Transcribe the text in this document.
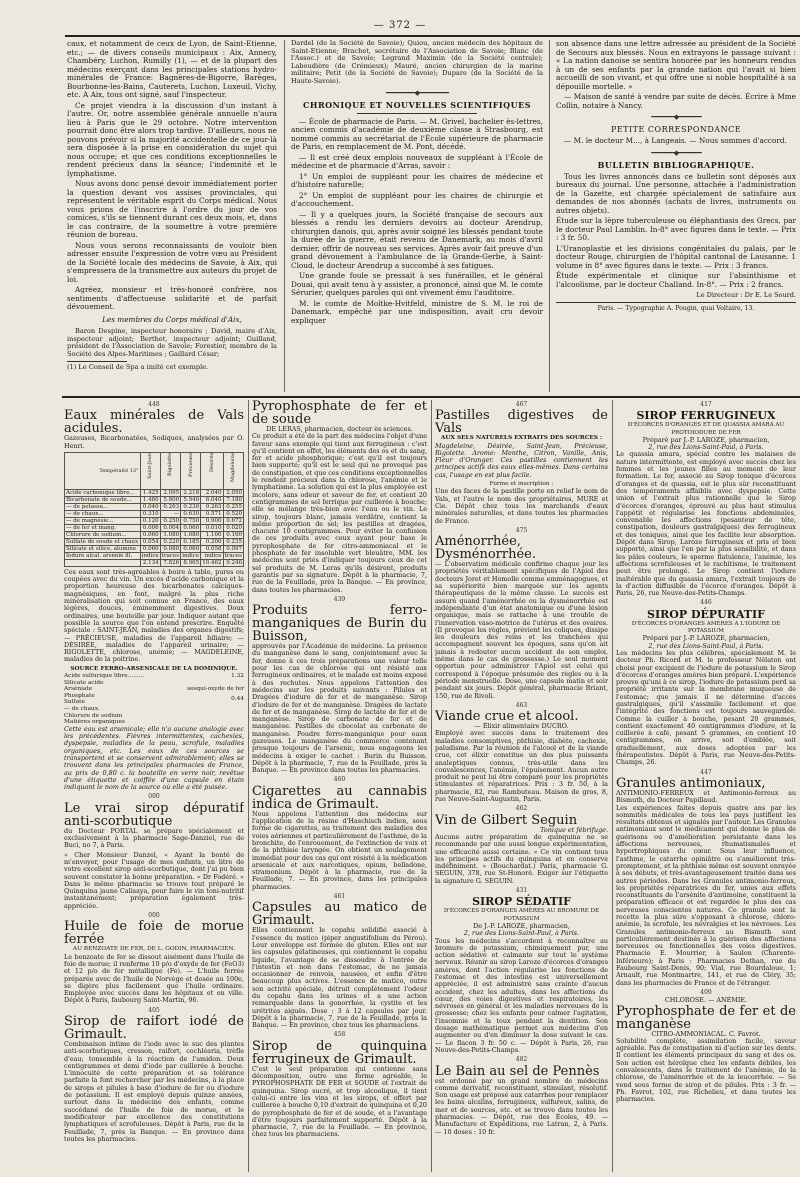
— 372 —

caux, et notamment de ceux de Lyon, de Saint-Etienne, etc.; — de divers conseils municipaux : Aix, Annecy, Chambéry, Luchon, Rumilly (1), — et de la plupart des médecins exerçant dans les principales stations hydro-minérales de France: Bagnères-de-Bigorre, Barèges, Bourbonne-les-Bains, Cauterets, Luchon, Luxeuil, Vichy, etc. A Aix, tous ont signé, sauf l'inspecteur.

Ce projet viendra à la discussion d'un instant à l'autre. Or, notre assemblée générale annuelle n'aura lieu à Paris que le 29 octobre. Notre intervention pourrait donc être alors trop tardive. D'ailleurs, nous ne pouvons prévoir si la majorité accidentelle de ce jour-là sera disposée à la prise en considération du sujet qui nous occupe; et que ces conditions exceptionnelles le rendent précieux dans la séance; l'indemnité et le lymphatisme.

Nous avons donc pensé devoir immédiatement porter la question devant vos assises provinciales, qui représentent le véritable esprit du Corps médical. Nous vous prions de l'inscrire à l'ordre du jour de vos comices, s'ils se tiennent durant ces deux mois, et, dans le cas contraire, de la soumettre à votre première réunion de bureau.

Nous vous serons reconnaissants de vouloir bien adresser ensuite l'expression de votre vœu au Président de la Société locale des médecins de Savoie, à Aix, qui s'empressera de la transmettre aux auteurs du projet de loi.

Agréez, monsieur et très-honoré confrère, nos sentiments d'affectueuse solidarité et de parfait dévouement.

Les membres du Corps médical d'Aix,

Baron Despine, inspecteur honoraire ; David, maire d'Aix, inspecteur adjoint; Berthet, inspecteur adjoint; Guilland, président de l'Association de Savoie; Forestier, membre de la Société des Alpes-Maritimes ; Gaillard César;

(1) Le Conseil de Spa a imité cet exemple.

Dardel (de la Société de Savoie); Quiou, ancien médecin des hôpitaux de Saint-Etienne; Brachet, secrétaire de l'Association de Savoie; Blanc (de l'Assoc.) et de Savoie; Legrand Maximin (de la Société centrale); Laboudière (de Crémieux); Mauré, ancien chirurgien de la marine militaire; Petit (de la Société de Savoie); Dupare (de la Société de la Haute-Savoie).

━━━━━━━━━◆━━━━━━━━━
CHRONIQUE ET NOUVELLES SCIENTIFIQUES

— École de pharmacie de Paris. — M. Grivel, bachelier ès-lettres, ancien commis d'académie de deuxième classe à Strasbourg, est nommé commis au secrétariat de l'École supérieure de pharmacie de Paris, en remplacement de M. Pont, décédé.

— Il est créé deux emplois nouveaux de suppléant à l'École de médecine et de pharmacie d'Arras, savoir :

1° Un emploi de suppléant pour les chaires de médecine et d'histoire naturelle;

2° Un emploi de suppléant pour les chaires de chirurgie et d'accouchement.

— Il y a quelques jours, la Société française de secours aux blessés a rendu les derniers devoirs au docteur Arendrup, chirurgien danois, qui, après avoir soigné les blessés pendant toute la durée de la guerre, était revenu de Danemark, au mois d'avril dernier, offrir de nouveau ses services. Après avoir fait preuve d'un grand dévouement à l'ambulance de la Grande-Gerbe, à Saint-Cloud, le docteur Arendrup a succombé à ses fatigues.

Une grande foule se pressait à ses funérailles, et le général Douai, qui avait tenu à y assister, a prononcé, ainsi que M. le comte Sérurier, quelques paroles qui ont vivement ému l'auditoire.

M. le comte de Moltke-Hvitfeld, ministre de S. M. le roi de Danemark, empêché par une indisposition, avait cru devoir expliquer

son absence dans une lettre adressée au président de la Société de Secours aux blessés. Nous en extrayons le passage suivant : « La nation danoise se sentira honorée par les honneurs rendus à un de ses enfants par la grande nation qui l'avait si bien accueilli de son vivant, et qui offre une si noble hospitalité à sa dépouille mortelle. »

— Maison de santé à vendre par suite de décès. Écrire à Mme Collin, notaire à Nancy.

━━━━━━━◆━━━━━━━
PETITE CORRESPONDANCE

— M. le docteur M..., à Langeais. — Nous sommes d'accord.

━━━━━━━◆━━━━━━━
BULLETIN BIBLIOGRAPHIQUE.

Tous les livres annoncés dans ce bulletin sont déposés aux bureaux du journal. Une personne, attachée à l'administration de la Gazette, est chargée spécialement de satisfaire aux demandes de nos abonnés (achats de livres, instruments ou autres objets).

Étude sur la lèpre tuberculeuse ou éléphantiasis des Grecs, par le docteur Paul Lamblin. In-8° avec figures dans le texte. — Prix : 3 fr. 50.

L'Uranoplastie et les divisions congénitales du palais, par le docteur Rouge, chirurgien de l'hôpital cantonal de Lausanne. 1 volume in 8° avec figures dans le texte. — Prix : 3 francs.

Étude expérimentale et clinique sur l'absinthisme et l'alcoolisme, par le docteur Challand. In-8°. — Prix : 2 francs.

Le Directeur : Dr E. Le Sourd.
Paris. — Typographie A. Pougin, quai Voltaire, 13.
448
Eaux minérales de Vals acidules.

Gazeuses, Bicarbonatées, Sodiques, analysées par O. Henri.

Tempéraité 13°	Saint-Jean	Rigolette	Précieuse	Désirée	Magdeleine
Acide carbonique libre...	1.425	2.095	2.218	2.040	2.050
Bicarbonate de soude...	1.480	5.800	5.940	6.040	7.180
— de potasse...	0.040	0.263	0.230	0.263	0.255
— de chaux...	0.310	—	0.630	0.571	0.520
— de magnésie...	0.120	0.250	0.750	0.900	0.672
— de fer et mang.	0.006	0.004	0.060	0.010	0.020
Chlorure de sodium...	0.060	1.080	1.080	1.100	0.160
Sulfate de soude et chaux	0.054	0.220	0.185	0.200	0.235
Silicate et silice, alumine	0.060	0.080	0.060	0.058	0.097
Iodure alcal. arsénié ill.	indice	traces	indice	indice	traces
	2.134	7.826	8.965	10.462	9.246

Ces eaux sont très-agréables à boire à table, pures ou coupées avec du vin. Un excès d'acide carbonique et la proportion heureuse des bicarbonates calciques-magnésiques, en font, malgré la plus riche minéralisation qui soit connue en France, des eaux légères, douces, éminemment digestives. Doux ordinaires, une bouteille par jour. Indiquer autant que possible la source que l'on entend prescrire. Enquêté spéciale : SAINT-JEAN, maladies des organes digestifs; — PRÉCIEUSE, maladies de l'appareil biliaire; — DÉSIRÉE, maladies de l'appareil urinaire; — RIGOLETTE, chlorose, anémie; — MAGDELEINE, maladies de la poitrine.

SOURCE FERRO-ARSENICALE DE LA DOMINIQUE.
Acide sulfurique libre.........
Silicate acide
Arséniate
Phosphate
Sulfate
— de chaux.
Chlorure de sodium
Matières organiques
1.32
sesqui-oxyde de fer
0.44

Cette eau est arsenicale; elle n'a aucune analogie avec les précédentes. Fièvres intermittentes, cachexies, dyspepsie, maladies de la peau, scrofule, maladies organiques, etc. Les eaux de ces sources se transportent et se conservent admirablement; elles se trouvent dans les principales pharmacies de France, au prix de 0,80 c. la bouteille en verre noir, revêtue d'une étiquette et coiffée d'une capsule en étain indiquant le nom de la source où elle a été puisée.

000
Le vrai sirop dépuratif anti-scorbutique

du Docteur PORTAL se prépare spécialement et exclusivement à la pharmacie Sage-Danziel, rue de Buci, no 7, à Paris.

« Cher Monsieur Danzel, « Ayant la bonté de m'envoyer, pour l'usage de mes enfants, un litre de votre excellent sirop anti-scorbutique, dont j'ai pu bien souvent constater la bonne préparation. « Dr Fodéré. » Dans le même pharmacie se trouve tout préparé le Quinquina jaune Calisaya, pour faire le vin toni-nutritif instantanément; préparation également très-appréciée.

000
Huile de foie de morue ferrée
AU BENZOATE DE FER, DE L. GODIN, PHARMACIEN.

Le benzoate de fer se dissout aisément dans l'huile de foie de morue; il renferme 10 p/o d'oxyde de fer (FeO3) et 12 p/o de fer métallique (Fe). — L'huile ferrée préparée avec de l'huile de Norvège et dosée au 100e, se digère plus facilement que l'huile ordinaire. Employée avec succès dans les hôpitaux et en ville. Dépôt à Paris, faubourg Saint-Martin, 96.

405
Sirop de raifort iodé de Grimault.

Combinaison intime de l'iode avec le suc des plantes anti-scorbutiques, cresson, raifort, cochléaria, trèfle d'eau; tonsemble à la réaction de l'amidon. Deux centigrammes et demi d'iode par cuillerée à bouche. L'innocuité de cette préparation et sa tolérance parfaite la font rechercher par les médecins, à la place de sirops et pilules à base d'iodure de fer ou d'iodure de potassium. Il est employé depuis quinze années, surtout dans la médecine des enfants, comme succédané de l'huile de foie de morue, et le modificateur par excellence des constitutions lymphatiques et scrofuleuses. Dépôt à Paris, rue de la Feuillade, 7, près la Banque. — En province dans toutes les pharmacies.

Pyrophosphate de fer et de soude
DE LERAS, pharmacien, docteur ès sciences.

Ce produit a été de la part des médecins l'objet d'une faveur sans exemple qui tient aux ferrugineux : c'est qu'il contient en effet, les éléments des os et du sang, fer et acide phosphorique; c'est qu'il est toujours bien supporté; qu'il est le seul qui ne provoque pas de constipation, et que ces conditions exceptionnelles le rendent précieux dans la chlorose, l'anémie et le lymphatisme. La solution qui est la plus employée est incolore, sans odeur et saveur de fer, et contient 20 centigrammes de sel ferrique par cuillerée à bouche; elle se mélange très-bien avec l'eau ou le vin. Le sirop, toujours blanc, jamais verdâtre, contient la même proportion de sel; les pastilles et dragées, chacune 10 centigrammes. Pour éviter la confusion de ces produits avec ceux ayant pour base le pyrophosphate de fer citro-ammoniacal et le phosphate de fer insoluble vert bleuâtre, MM. les médecins sont priés d'indiquer toujours ceux de cet sel produits de M. Leras qu'ils désirent, produits garantis par sa signature. Dépôt à la pharmacie, 7, rue de la Feuillade, près la Banque. — En province, dans toutes les pharmacies.

439
Produits ferro-manganiques de Burin du Buisson,

approuvés par l'Académie de médecine. La présence du manganèse dans le sang, conjointement avec le fer, donne à ces trois préparations une valeur telle pour les cas de chlorose qui ont résisté aux ferrugineux ordinaires, et le malade est moins exposé à des rechutes. Nous appelons l'attention des médecins sur les produits suivants : Pilules et Dragées d'iodure de fer et de manganèse. Sirop d'iodure de fer et de manganèse. Dragées de lactate de fer et de manganèse. Sirop de lactate de fer et de manganèse. Sirop de carbonate de fer et de manganèse. Pastilles de chocolat au carbonate de manganèse. Poudre ferro-manganique pour eaux gazeuses. Le manganèse du commerce contenant presque toujours de l'arsenic, nous engageons les médecins à exiger le cachet : Burin du Buisson. Dépôt à la pharmacie, 7, rue de la Feuillade, près la Banque. — En province dans toutes les pharmacies.

460
Cigarettes au cannabis indica de Grimault.

Nous appelons l'attention des médecins sur l'application de la résine d'Haschisch indien, sous forme de cigarettes, au traitement des maladies des voies aériennes et particulièrement de l'asthme, de la bronchite, de l'enrouement, de l'extinction de voix et de la phthisie laryngée. On obtient un soulagement immédiat pour des cas qui ont résisté à la médication arsenicale et aux narcotiques, opium, belladone, stramonium. Dépôt à la pharmacie, rue de la Feuillade, 7. — En province, dans les principales pharmacies.

461
Capsules au matico de Grimault.

Elles contiennent le copahu solidifié associé à l'essence du matico (piper angustifolium du Pérou). Leur enveloppe est formée de gluten. Elles ont sur les capsules gélatineuses, qui contiennent le copahu liquide, l'avantage de se dissoudre à l'entrée de l'intestin et non dans l'estomac, de ne jamais occasionner de renvois, nausées, et enfin d'être beaucoup plus actives. L'essence de matico, outre son activité spéciale, détruit complètement l'odeur du copahu dans les urines et a une action remarquable dans la gonorrhée, la cystite et les urétrites aiguës. Dose : 3 à 12 capsules par jour. Dépôt à la pharmacie, 7, rue de la Feuillade, près la Banque. — En province, chez tous les pharmaciens.

458
Sirop de quinquina ferrugineux de Grimault.

C'est le seul préparation qui contienne sans décomposition, outre une forme agréable, le PYROPHOSPHATE DE FER et SOUDE et l'extrait de quinquina. Sirop sucré, et trop alcoolique, il tient celui-ci entre les vins et les sirops, et offert par cuillerée à bouche 0,10 d'extrait de quinquina et 0,20 de pyrophosphate de fer et de soude, et a l'avantage d'être toujours parfaitement supporté. Dépôt à la pharmacie, 7, rue de la Feuillade. — En province, chez tous les pharmaciens.

467
Pastilles digestives de Vals
AUX SELS NATURELS EXTRAITS DES SOURCES :

Magdeleine, Désirée, Saint-Jean, Précieuse, Rigolette. Arome: Menthe, Citron, Vanille, Anis, Fleur d'Oranger. Ces pastilles contiennent les principes actifs des eaux elles-mêmes. Dans certains cas, l'usage en est plus facile.

Forme et inscription :

Une des faces de la pastille porte en relief le nom de Vals, et l'autre le nom des propriétaires, MURE et Cie. Dépôt chez tous les marchands d'eaux minérales naturelles, et dans toutes les pharmacies de France.

475
Aménorrhée, Dysménorrhée.

— L'observation médicale confirme chaque jour les propriétés véritablement spécifiques de l'Apiol des docteurs Joret et Homolle comme emménagogues, et sa supériorité bien marquée sur les agents thérapeutiques de la même classe. Le succès est assuré quand l'aménorrhée ou la dysménorrhée est indépendante d'un état anatomique ou d'une lésion organique, mais se rattache à une trouble de l'innervation vaso-motrice de l'utérus et des ovaires. (Il provoque les règles, prévient les coliques, dissipe les douleurs des reins et les tranchées qui accompagnent souvent les époques, sans qu'on ait jamais à redouter aucun accident de son emploi, même dans le cas de grossesse.) Le seul moment opportun pour administrer l'Apiol est celui qui correspond à l'époque présumée des règles ou à la période menstruelle. Dose, une capsule matin et soir pendant six jours. Dépôt général, pharmacie Briant, 150, rue de Rivoli.

463
Viande crue et alcool.
— Élixir alimentaire DUCRO.

Employé avec succès dans le traitement des maladies consomptives, phthisie, diabète, cachexie, paludisme. Par la réunion de l'alcool et de la viande crue, cet élixir constitue un des plus puissants analeptiques connus, très-utile dans les convalescences, l'anémie, l'épuisement. Aucun autre produit ne peut lui être comparé pour les propriétés stimulantes et réparatrices. Prix : 3 fr. 50, à la pharmacie, 82, rue Rambuteau. Maison de gros, 8, rue Neuve-Saint-Augustin, Paris.

462
Vin de Gilbert Seguin
Tonique et fébrifuge.

Aucune autre préparation de quinquina ne se recommande par une aussi longue expérimentation, une efficacité aussi certaine. « Ce vin contient tous les principes actifs du quinquina et en conserve indéfiniment. » (Bouchardat.) Paris, pharmacie G. SEGUIN, 378, rue St-Honoré. Exiger sur l'étiquette la signature G. SEGUIN.

431
SIROP SÉDATIF
D'ÉCORCES D'ORANGES AMÈRES AU BROMURE DE POTASSIUM
De J.-P. LAROZE, pharmacien,
2, rue des Lions-Saint-Paul, à Paris.

Tous les médecins s'accordent à reconnaître au bromure de potassium, chimiquement pur, une action sédative et calmante sur tout le système nerveux. Réunir au sirop Laroze d'écorces d'oranges amères, dont l'action régularise les fonctions de l'estomac et des intestins est universellement appréciée, il est administré sans crainte d'aucun accident, chez les adultes, dans les affections du cœur, des voies digestives et respiratoires, les névroses en général et les maladies nerveuses de la grossesse; chez les enfants pour calmer l'agitation, l'insomnie et la toux pendant la dentition. Son dosage mathématique permet aux médecins d'en augmenter ou d'en diminuer la dose suivant le cas. — Le flacon 3 fr. 50 c. — Dépôt à Paris, 26, rue Neuve-des-Petits-Champs.

482
Le Bain au sel de Pennès

est ordonné par un grand nombre de médecins comme dérivatif, reconstituant, stimulant, résolutif. Son usage est préposé aux catarrhes pour remplacer les bains alcalins, ferrugineux, sulfureux, salins, de mer et de sources, etc. et se trouve dans toutes les pharmacies. — Dépôt, rue des Écoles, 49. — Manufacture et Expéditions, rue Latran, 2, à Paris. — 10 doses : 10 fr.

417
SIROP FERRUGINEUX
D'ÉCORCES D'ORANGES ET DE QUASSIA AMARA AU PROTOIODURE DE FER
Préparé par J.-P. LAROZE, pharmacien,
2, rue des Lions-Saint-Paul, à Paris.

Le quassia amara, spécial contre les malaises de nature intermittente, est employé avec succès chez les femmes et les jeunes filles au moment de leur formation. Le fer, associé au Sirop tonique d'écorces d'oranges et de quassia, est le plus sûr reconstituant des tempéraments affaiblis avec dyspepsie. Cette union et l'extrait plus rationnelle que le Sirop d'écorces d'oranges, éprouvé au plus haut stimulus l'appétit et régularise les fonctions abdominales, convenable les affections (pesanteur de tête, constipation, douleurs gastralgiques) des ferrugineux et des toniques, ainsi que les facilite leur absorption. Dépôt dans Sirop, Laroze ferrugineux et pris et bien supporté, ainsi que l'en par la plus sensibilité, et dans les pâles couleurs, le sperme flatulence, l'anémie, les affections scrofuleuses et le rachitisme, le traitement peut être prolongé. Le Sirop contient l'iodure inaltérable que du quassia amara, l'extrait toujours de la d'action diffusible de l'écorce d'oranges. Dépôt à Paris, 26, rue Neuve-des-Petits-Champs.

446
SIROP DÉPURATIF
D'ÉCORCES D'ORANGES AMÈRES A L'IODURE DE POTASSIUM
Préparé par J.-P. LAROZE, pharmacien,
2, rue des Lions-Saint-Paul, à Paris.

Les médecins les plus célèbres, spécialement M. le docteur Ph. Ricord et M. le professeur Nélaton ont choisi pour excipient de l'iodure de potassium le Sirop d'écorces d'oranges amères bien préparé. L'expérience prouve qu'uni à ce sirop, l'iodure de potassium perd sa propriété irritante sur la membrane muqueuse de l'estomac; que jamais il ne détermine d'accès gastralgiques, qu'il s'assimile facilement et que l'intégrité des fonctions est toujours sauvegardée. Comme la cuiller à bouche, pesant 20 grammes, contient exactement 40 centigrammes d'iodure, et la cuillerée à café, pesant 5 grammes, en contient 10 centigrammes, on arrive, soit d'emblée, soit graduellement, aux doses adoptées par les thérapeutistes. Dépôt à Paris, rue Neuve-des-Petits-Champs, 26.

447
Granules antimoniaux,
ANTIMONIO-FERREUX et Antimonio-ferreux au Bismuth, du Docteur Papillaud.

Les expériences faites depuis quatre ans par les sommités médicales de tous les pays justifient les résultats obtenus et signalés par l'auteur. Les Granules antimoniaux sont le médicament qui donne le plus de guérisons ou d'amélioration persistante dans les affections nerveuses, rhumatismales et hypertrophiques du cœur. Sous leur influence, l'asthme, le catarrhe opiniâtre ou s'améliorent très-promptement, et la phthisie même est souvent enrayée à ses débuts, et très-avantageusement traitée dans ses autres périodes. Dans les Granules antimonio-ferreux, les propriétés réparatrices du fer, unies aux effets reconstituants de l'arsénite d'antimoine, constituent la préparation efficace et est regardée le plus des cas nerveuses conscientes natures. Ce granule sont la recette la plus sûre s'opposant à chlorose, chloro-anémie, la scrofule, les névralgies et les névroses. Les Granules antimonio-ferreux au Bismuth sont particulièrement destinés à la guérison des affections nerveuses ou fonctionnelles des voies digestives. Pharmacie E. Mourrier, à Saulon (Charente-Inférieure); à Paris : Pharmacies Dethan, rue du Faubourg Saint-Denis, 90; Vial, rue Bourdaloue, 1; Arnault, rue Montmartre, 141, et rue de Cléry, 35; dans les pharmacies de France et de l'étranger.

409
CHLOROSE. — ANÉMIE.
Pyrophosphate de fer et de manganèse
CITRO-AMMONIACAL. C. Favrot.

Solubilité complète, assimilation facile, saveur agréable. Pas de constipation ni d'action sur les dents. Il contient les éléments principaux du sang et des os. Son action est héroïque chez les enfants débiles, les convalescents, dans le traitement de l'anémie, de la chlorose, de l'aménorrhée et de la leucorrhée. — Se vend sous forme de sirop et de pilules. Prix : 3 fr. — Ph. Favrot, 102, rue Richelieu, et dans toutes les pharmacies.
